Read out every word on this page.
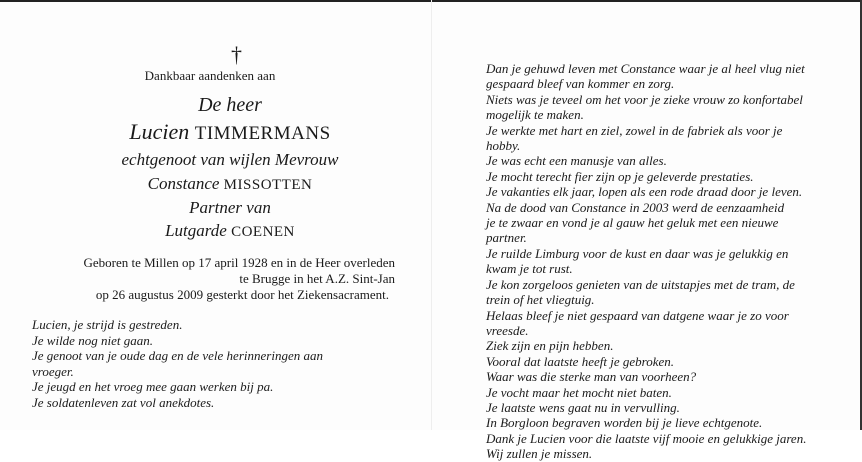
†
Dankbaar aandenken aan
De heer
Lucien TIMMERMANS
echtgenoot van wijlen Mevrouw
Constance MISSOTTEN
Partner van
Lutgarde COENEN
Geboren te Millen op 17 april 1928 en in de Heer overleden
te Brugge in het A.Z. Sint-Jan
op 26 augustus 2009 gesterkt door het Ziekensacrament.
Lucien, je strijd is gestreden.
Je wilde nog niet gaan.
Je genoot van je oude dag en de vele herinneringen aan
vroeger.
Je jeugd en het vroeg mee gaan werken bij pa.
Je soldatenleven zat vol anekdotes.
Dan je gehuwd leven met Constance waar je al heel vlug niet
gespaard bleef van kommer en zorg.
Niets was je teveel om het voor je zieke vrouw zo konfortabel
mogelijk te maken.
Je werkte met hart en ziel, zowel in de fabriek als voor je
hobby.
Je was echt een manusje van alles.
Je mocht terecht fier zijn op je geleverde prestaties.
Je vakanties elk jaar, lopen als een rode draad door je leven.
Na de dood van Constance in 2003 werd de eenzaamheid
je te zwaar en vond je al gauw het geluk met een nieuwe
partner.
Je ruilde Limburg voor de kust en daar was je gelukkig en
kwam je tot rust.
Je kon zorgeloos genieten van de uitstapjes met de tram, de
trein of het vliegtuig.
Helaas bleef je niet gespaard van datgene waar je zo voor
vreesde.
Ziek zijn en pijn hebben.
Vooral dat laatste heeft je gebroken.
Waar was die sterke man van voorheen?
Je vocht maar het mocht niet baten.
Je laatste wens gaat nu in vervulling.
In Borgloon begraven worden bij je lieve echtgenote.
Dank je Lucien voor die laatste vijf mooie en gelukkige jaren.
Wij zullen je missen.
